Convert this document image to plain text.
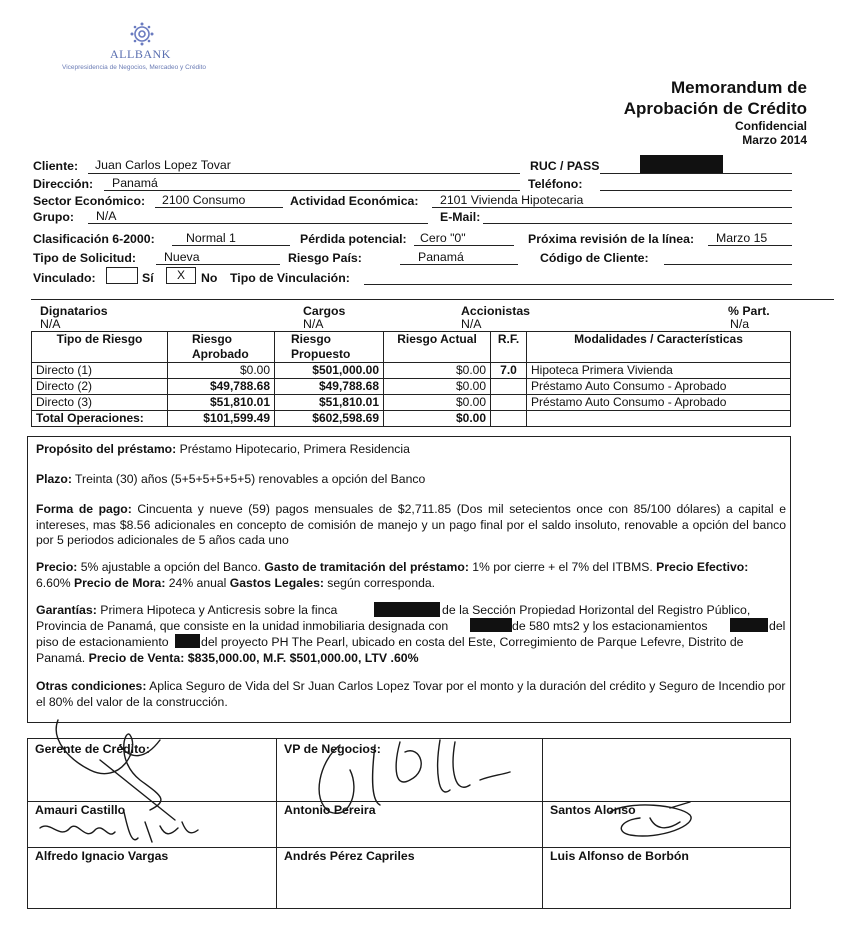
ALLBANK
Vicepresidencia de Negocios, Mercadeo y Crédito
Memorandum de
Aprobación de Crédito
Confidencial
Marzo 2014
Cliente: Juan Carlos Lopez Tovar	RUC / PASS
Dirección: Panamá	Teléfono:
Sector Económico: 2100 Consumo	Actividad Económica: 2101 Vivienda Hipotecaria
Grupo: N/A	E-Mail:
Clasificación 6-2000:	Normal 1	Pérdida potencial: Cero "0"	Próxima revisión de la línea: Marzo 15
Tipo de Solicitud: Nueva	Riesgo País:	Panamá	Código de Cliente:
Vinculado:	Sí	X	No Tipo de Vinculación:
Dignatarios
N/A
Cargos
N/A
Accionistas
N/A
% Part.
N/a
Tipo de Riesgo	Riesgo Aprobado	Riesgo Propuesto	Riesgo Actual	R.F.	Modalidades / Características
Directo (1)	$0.00	$501,000.00	$0.00	7.0	Hipoteca Primera Vivienda
Directo (2)	$49,788.68	$49,788.68	$0.00		Préstamo Auto Consumo - Aprobado
Directo (3)	$51,810.01	$51,810.01	$0.00		Préstamo Auto Consumo - Aprobado
Total Operaciones:	$101,599.49	$602,598.69	$0.00		
Propósito del préstamo: Préstamo Hipotecario, Primera Residencia
Plazo: Treinta (30) años (5+5+5+5+5+5) renovables a opción del Banco
Forma de pago: Cincuenta y nueve (59) pagos mensuales de $2,711.85 (Dos mil setecientos once con 85/100 dólares) a capital e intereses, mas $8.56 adicionales en concepto de comisión de manejo y un pago final por el saldo insoluto, renovable a opción del banco por 5 periodos adicionales de 5 años cada uno
Precio: 5% ajustable a opción del Banco. Gasto de tramitación del préstamo: 1% por cierre + el 7% del ITBMS. Precio Efectivo: 6.60% Precio de Mora: 24% anual Gastos Legales: según corresponda.
Garantías: Primera Hipoteca y Anticresis sobre la finca	de la Sección Propiedad Horizontal del Registro Público,
Provincia de Panamá, que consiste en la unidad inmobiliaria designada con	de 580 mts2 y los estacionamientos	del
piso de estacionamiento	del proyecto PH The Pearl, ubicado en costa del Este, Corregimiento de Parque Lefevre, Distrito de
Panamá. Precio de Venta: $835,000.00, M.F. $501,000.00, LTV .60%
Otras condiciones: Aplica Seguro de Vida del Sr Juan Carlos Lopez Tovar por el monto y la duración del crédito y Seguro de Incendio por el 80% del valor de la construcción.
Gerente de Crédito:	VP de Negocios:
Amauri Castillo	Antonio Pereira	Santos Alonso
Alfredo Ignacio Vargas	Andrés Pérez Capriles	Luis Alfonso de Borbón
